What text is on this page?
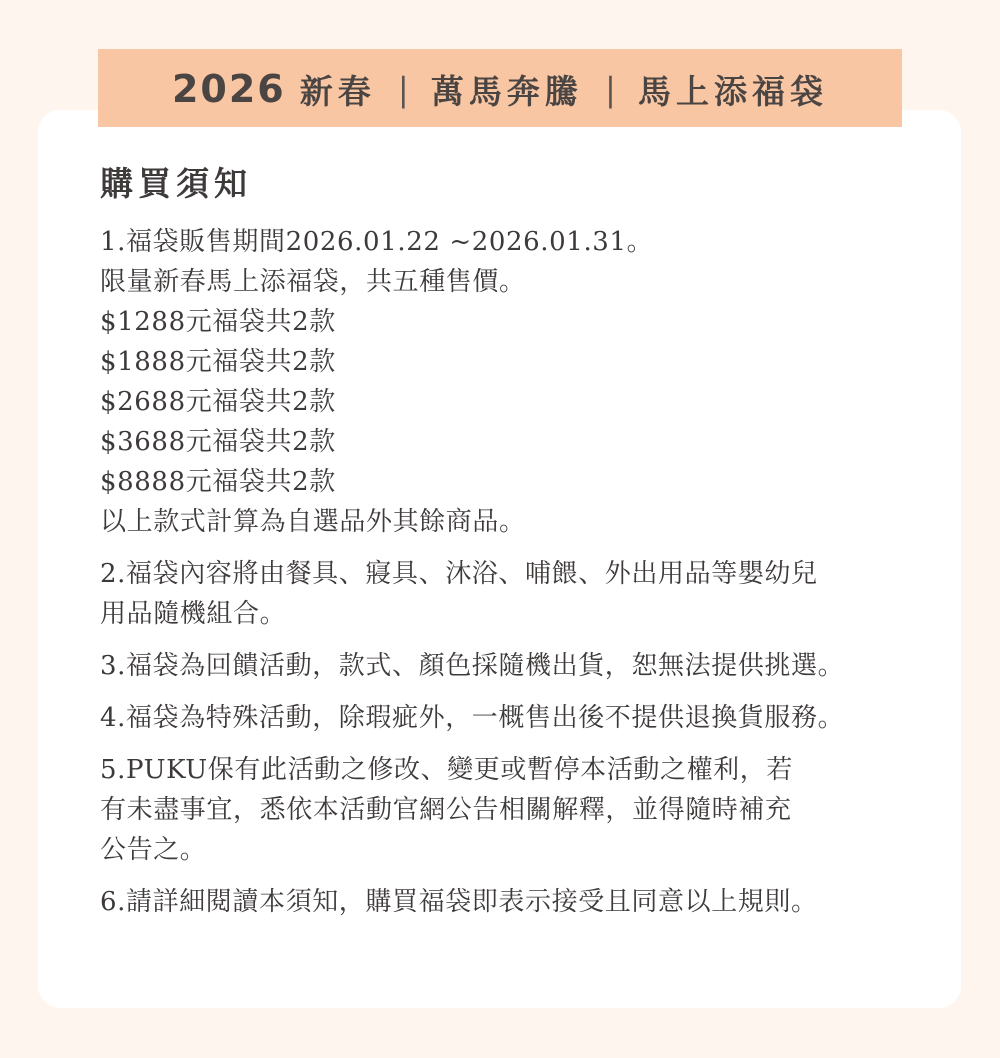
2026 新春 | 萬馬奔騰 | 馬上添福袋
購買須知

1.福袋販售期間2026.01.22 ~2026.01.31。
限量新春馬上添福袋，共五種售價。
$1288元福袋共2款
$1888元福袋共2款
$2688元福袋共2款
$3688元福袋共2款
$8888元福袋共2款
以上款式計算為自選品外其餘商品。

2.福袋內容將由餐具、寢具、沐浴、哺餵、外出用品等嬰幼兒
用品隨機組合。

3.福袋為回饋活動，款式、顏色採隨機出貨，恕無法提供挑選。

4.福袋為特殊活動，除瑕疵外，一概售出後不提供退換貨服務。

5.PUKU保有此活動之修改、變更或暫停本活動之權利，若
有未盡事宜，悉依本活動官網公告相關解釋，並得隨時補充
公告之。

6.請詳細閱讀本須知，購買福袋即表示接受且同意以上規則。
